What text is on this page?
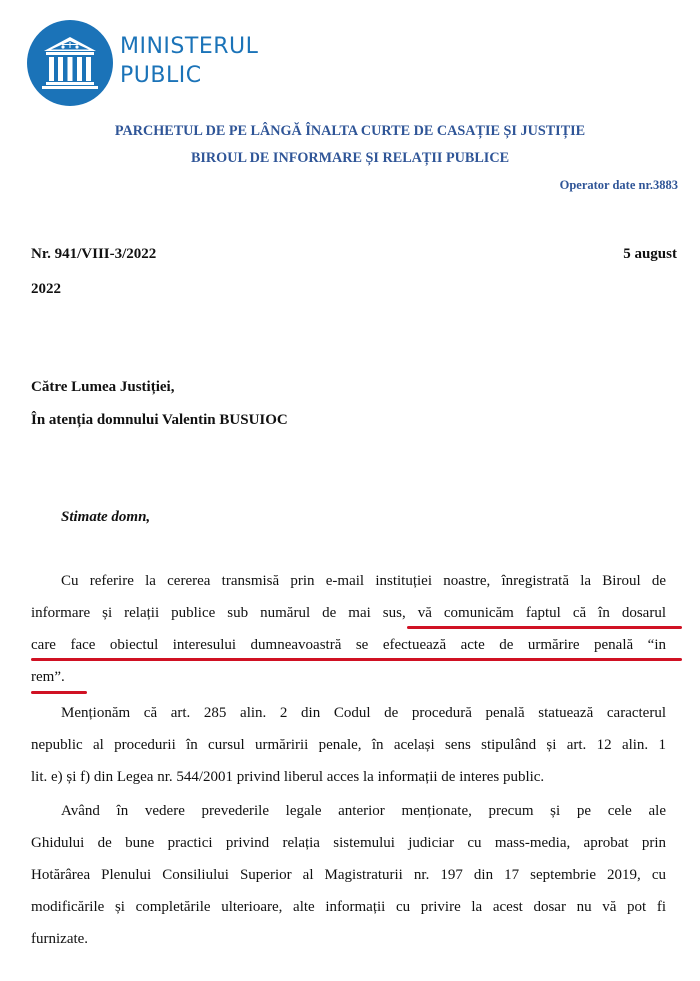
MINISTERUL
PUBLIC
PARCHETUL DE PE LÂNGĂ ÎNALTA CURTE DE CASAȚIE ȘI JUSTIȚIE
BIROUL DE INFORMARE ȘI RELAȚII PUBLICE
Operator date nr.3883
Nr. 941/VIII-3/2022	5 august
2022
Către Lumea Justiției,
În atenția domnului Valentin BUSUIOC
Stimate domn,
Cu referire la cererea transmisă prin e-mail instituției noastre, înregistrată la Biroul de
informare și relații publice sub numărul de mai sus, vă comunicăm faptul că în dosarul
care face obiectul interesului dumneavoastră se efectuează acte de urmărire penală “in
rem”.
Menționăm că art. 285 alin. 2 din Codul de procedură penală statuează caracterul
nepublic al procedurii în cursul urmăririi penale, în același sens stipulând și art. 12 alin. 1
lit. e) și f) din Legea nr. 544/2001 privind liberul acces la informații de interes public.
Având în vedere prevederile legale anterior menționate, precum și pe cele ale
Ghidului de bune practici privind relația sistemului judiciar cu mass-media, aprobat prin
Hotărârea Plenului Consiliului Superior al Magistraturii nr. 197 din 17 septembrie 2019, cu
modificările și completările ulterioare, alte informații cu privire la acest dosar nu vă pot fi
furnizate.
